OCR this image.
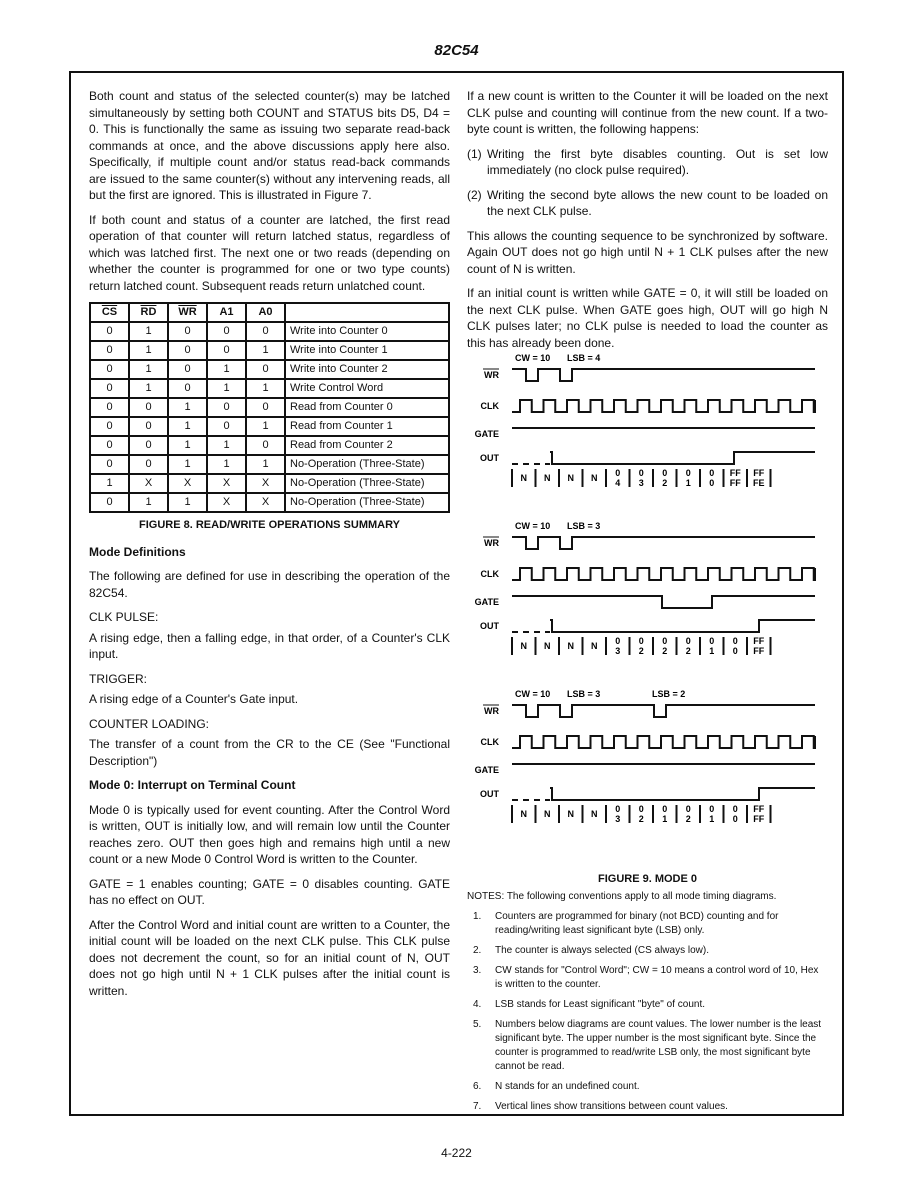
82C54

Both count and status of the selected counter(s) may be latched simultaneously by setting both COUNT and STATUS bits D5, D4 = 0. This is functionally the same as issuing two separate read-back commands at once, and the above discussions apply here also. Specifically, if multiple count and/or status read-back commands are issued to the same counter(s) without any intervening reads, all but the first are ignored. This is illustrated in Figure 7.

If both count and status of a counter are latched, the first read operation of that counter will return latched status, regardless of which was latched first. The next one or two reads (depending on whether the counter is programmed for one or two type counts) return latched count. Subsequent reads return unlatched count.

$\overline{CS}$	$\overline{RD}$	$\overline{WR}$	A1	A0	
0	1	0	0	0	Write into Counter 0
0	1	0	0	1	Write into Counter 1
0	1	0	1	0	Write into Counter 2
0	1	0	1	1	Write Control Word
0	0	1	0	0	Read from Counter 0
0	0	1	0	1	Read from Counter 1
0	0	1	1	0	Read from Counter 2
0	0	1	1	1	No-Operation (Three-State)
1	X	X	X	X	No-Operation (Three-State)
0	1	1	X	X	No-Operation (Three-State)
FIGURE 8. READ/WRITE OPERATIONS SUMMARY
Mode Definitions

The following are defined for use in describing the operation of the 82C54.

CLK PULSE:

A rising edge, then a falling edge, in that order, of a Counter's CLK input.

TRIGGER:

A rising edge of a Counter's Gate input.

COUNTER LOADING:

The transfer of a count from the CR to the CE (See "Functional Description")

Mode 0: Interrupt on Terminal Count

Mode 0 is typically used for event counting. After the Control Word is written, OUT is initially low, and will remain low until the Counter reaches zero. OUT then goes high and remains high until a new count or a new Mode 0 Control Word is written to the Counter.

GATE = 1 enables counting; GATE = 0 disables counting. GATE has no effect on OUT.

After the Control Word and initial count are written to a Counter, the initial count will be loaded on the next CLK pulse. This CLK pulse does not decrement the count, so for an initial count of N, OUT does not go high until N + 1 CLK pulses after the initial count is written.

If a new count is written to the Counter it will be loaded on the next CLK pulse and counting will continue from the new count. If a two-byte count is written, the following happens:

(1) Writing the first byte disables counting. Out is set low immediately (no clock pulse required).
(2) Writing the second byte allows the new count to be loaded on the next CLK pulse.

This allows the counting sequence to be synchronized by software. Again OUT does not go high until N + 1 CLK pulses after the new count of N is written.

If an initial count is written while GATE = 0, it will still be loaded on the next CLK pulse. When GATE goes high, OUT will go high N CLK pulses later; no CLK pulse is needed to load the counter as this has already been done.

CW = 10 LSB = 4
WR
CLK
GATE
OUT
N N N N 0
4
0
3
0
2
0
1
0
0
FF
FF
FF
FE
CW = 10 LSB = 3
WR
CLK
GATE
OUT
N N N N 0
3
0
2
0
2
0
2
0
1
0
0
FF
FF
CW = 10 LSB = 3	LSB = 2
WR
CLK
GATE
OUT
N N N N 0
3
0
2
0
1
0
2
0
1
0
0
FF
FF
FIGURE 9. MODE 0
NOTES: The following conventions apply to all mode timing diagrams.
1.	Counters are programmed for binary (not BCD) counting and for reading/writing least significant byte (LSB) only.
2.	The counter is always selected (CS always low).
3.	CW stands for "Control Word"; CW = 10 means a control word of 10, Hex is written to the counter.
4.	LSB stands for Least significant "byte" of count.
5.	Numbers below diagrams are count values. The lower number is the least significant byte. The upper number is the most significant byte. Since the counter is programmed to read/write LSB only, the most significant byte cannot be read.
6.	N stands for an undefined count.
7.	Vertical lines show transitions between count values.
4-222
